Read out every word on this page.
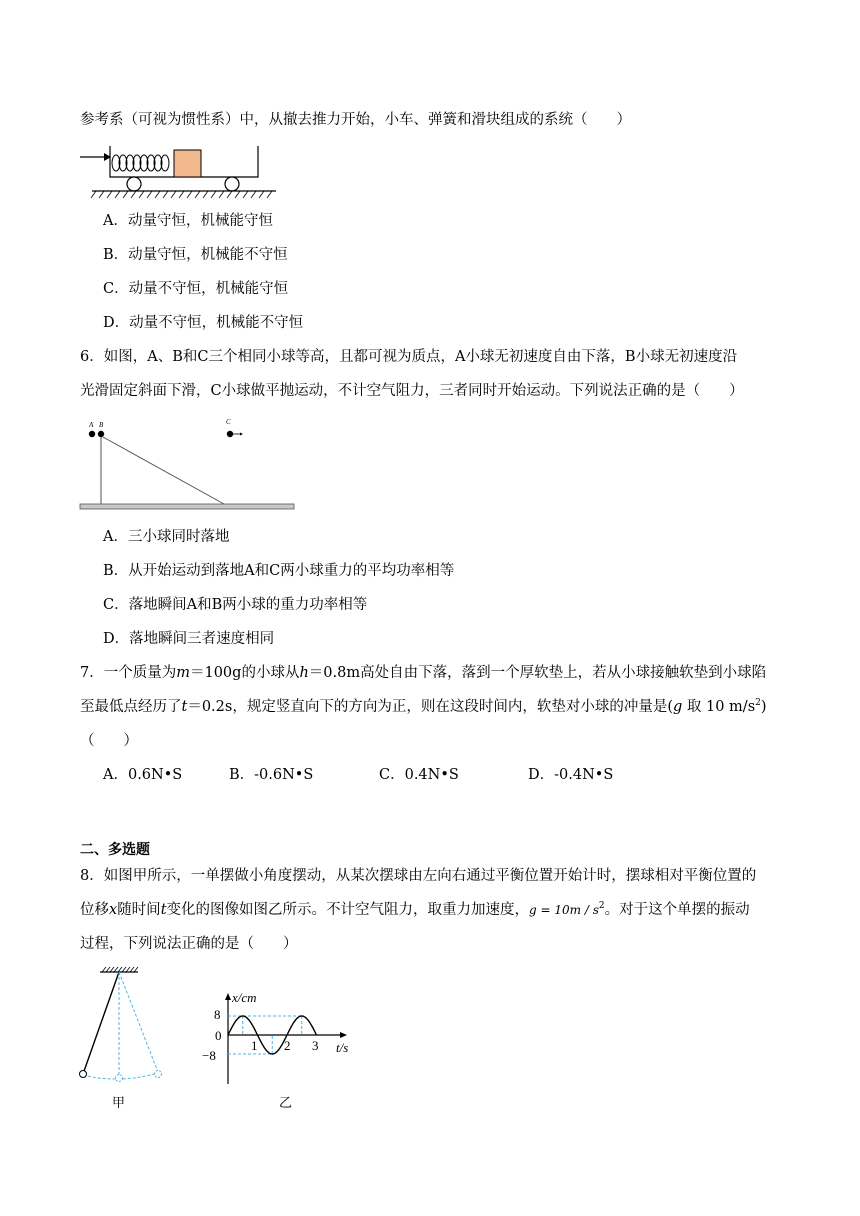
参考系（可视为惯性系）中，从撤去推力开始，小车、弹簧和滑块组成的系统（　　）
A．动量守恒，机械能守恒
B．动量守恒，机械能不守恒
C．动量不守恒，机械能守恒
D．动量不守恒，机械能不守恒
6．如图，A、B和C三个相同小球等高，且都可视为质点，A小球无初速度自由下落，B小球无初速度沿
光滑固定斜面下滑，C小球做平抛运动，不计空气阻力，三者同时开始运动。下列说法正确的是（　　）
A B	C
A．三小球同时落地
B．从开始运动到落地A和C两小球重力的平均功率相等
C．落地瞬间A和B两小球的重力功率相等
D．落地瞬间三者速度相同
7．一个质量为m＝100g的小球从h＝0.8m高处自由下落，落到一个厚软垫上，若从小球接触软垫到小球陷
至最低点经历了t＝0.2s，规定竖直向下的方向为正，则在这段时间内，软垫对小球的冲量是(g 取 10 $m/s^2$)
（　　）
A．0.6N•S	B．-0.6N•S	C．0.4N•S	D．-0.4N•S
二、多选题
8．如图甲所示，一单摆做小角度摆动，从某次摆球由左向右通过平衡位置开始计时，摆球相对平衡位置的
位移x随时间t变化的图像如图乙所示。不计空气阻力，取重力加速度，$g = 10m / s^2$。对于这个单摆的振动
过程，下列说法正确的是（　　）
甲
x/cm
t/s
8
0
−8
1 2 3
乙
